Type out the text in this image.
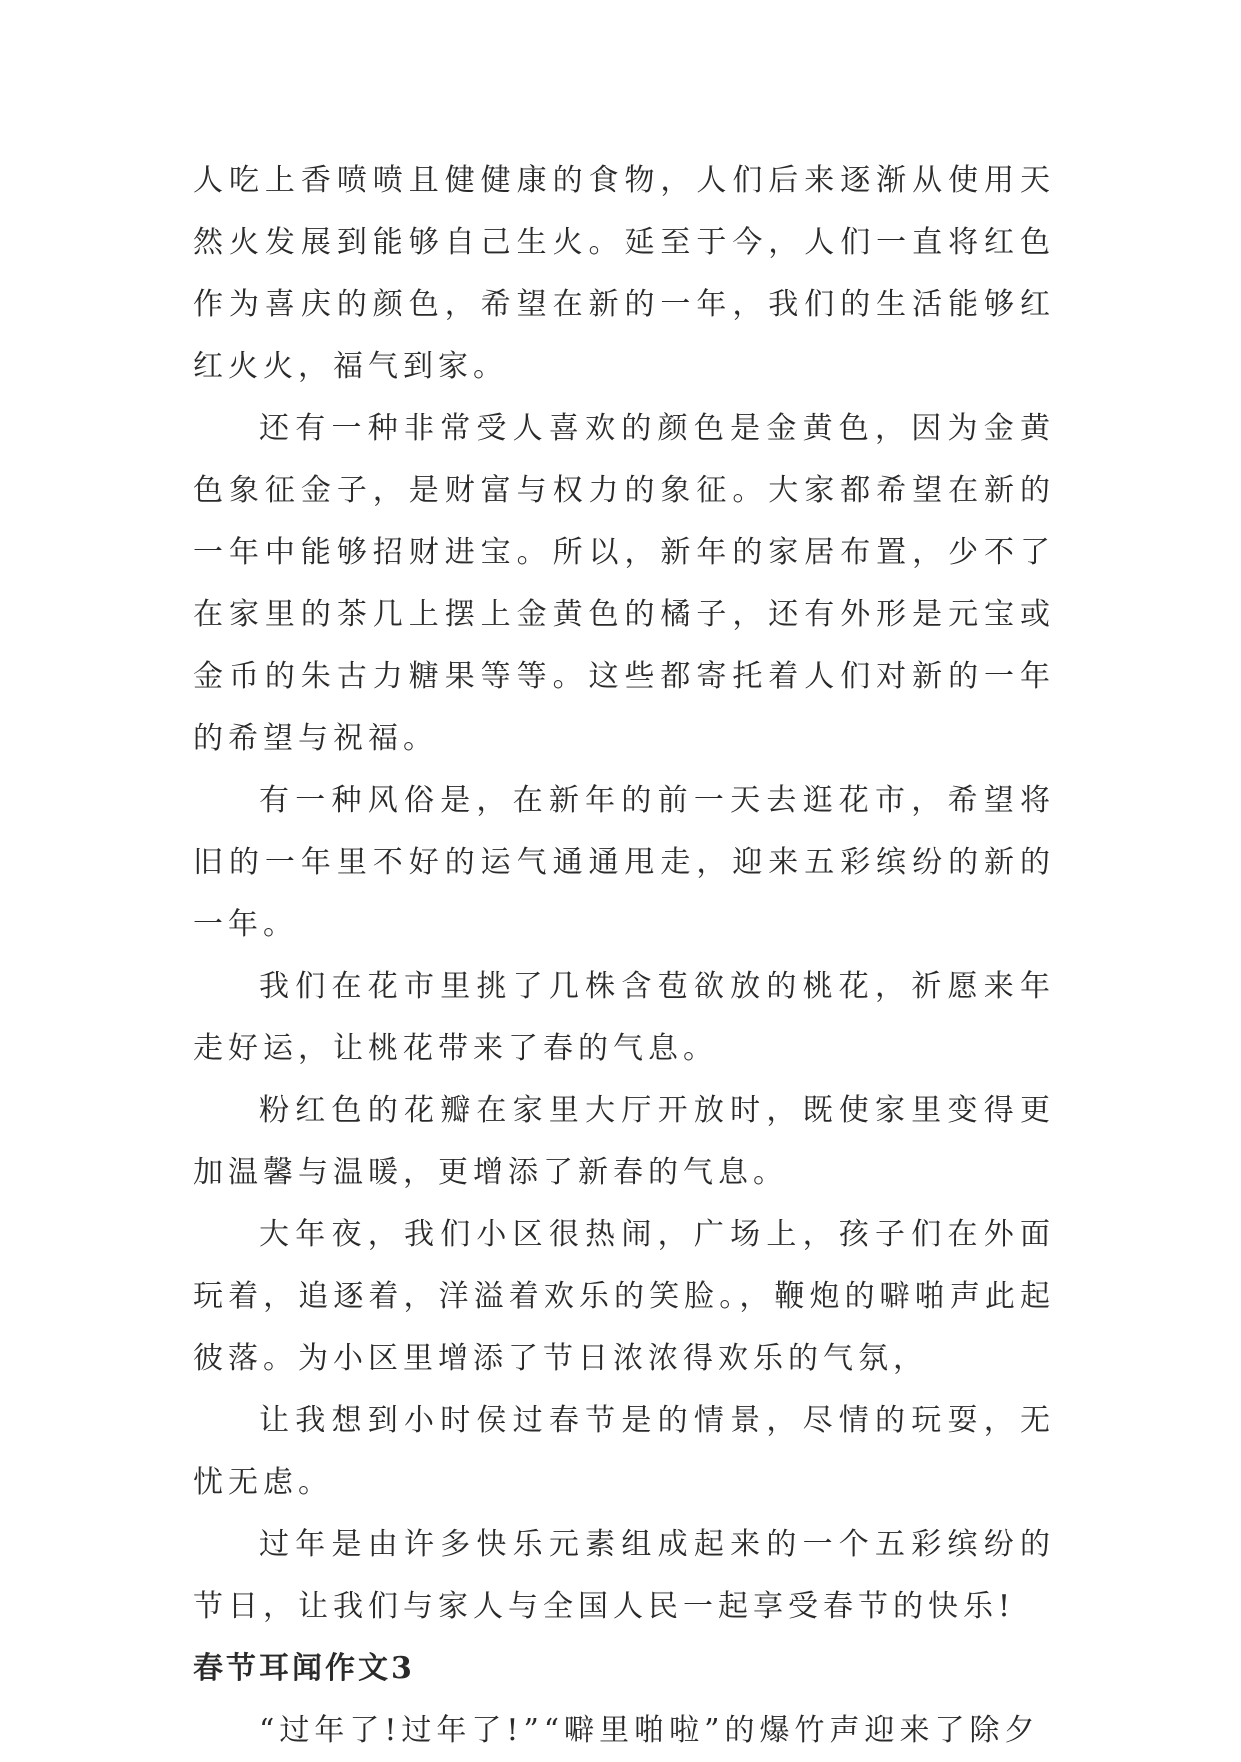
人吃上香喷喷且健健康的食物，人们后来逐渐从使用天然火发展到能够自己生火。延至于今，人们一直将红色作为喜庆的颜色，希望在新的一年，我们的生活能够红红火火，福气到家。

还有一种非常受人喜欢的颜色是金黄色，因为金黄色象征金子，是财富与权力的象征。大家都希望在新的一年中能够招财进宝。所以，新年的家居布置，少不了在家里的茶几上摆上金黄色的橘子，还有外形是元宝或金币的朱古力糖果等等。这些都寄托着人们对新的一年的希望与祝福。

有一种风俗是，在新年的前一天去逛花市，希望将旧的一年里不好的运气通通甩走，迎来五彩缤纷的新的一年。

我们在花市里挑了几株含苞欲放的桃花，祈愿来年走好运，让桃花带来了春的气息。

粉红色的花瓣在家里大厅开放时，既使家里变得更加温馨与温暖，更增添了新春的气息。

大年夜，我们小区很热闹，广场上，孩子们在外面玩着，追逐着，洋溢着欢乐的笑脸。，鞭炮的噼啪声此起彼落。为小区里增添了节日浓浓得欢乐的气氛，

让我想到小时侯过春节是的情景，尽情的玩耍，无忧无虑。

过年是由许多快乐元素组成起来的一个五彩缤纷的节日，让我们与家人与全国人民一起享受春节的快乐!

春节耳闻作文3

“过年了!过年了!”“噼里啪啦”的爆竹声迎来了除夕
